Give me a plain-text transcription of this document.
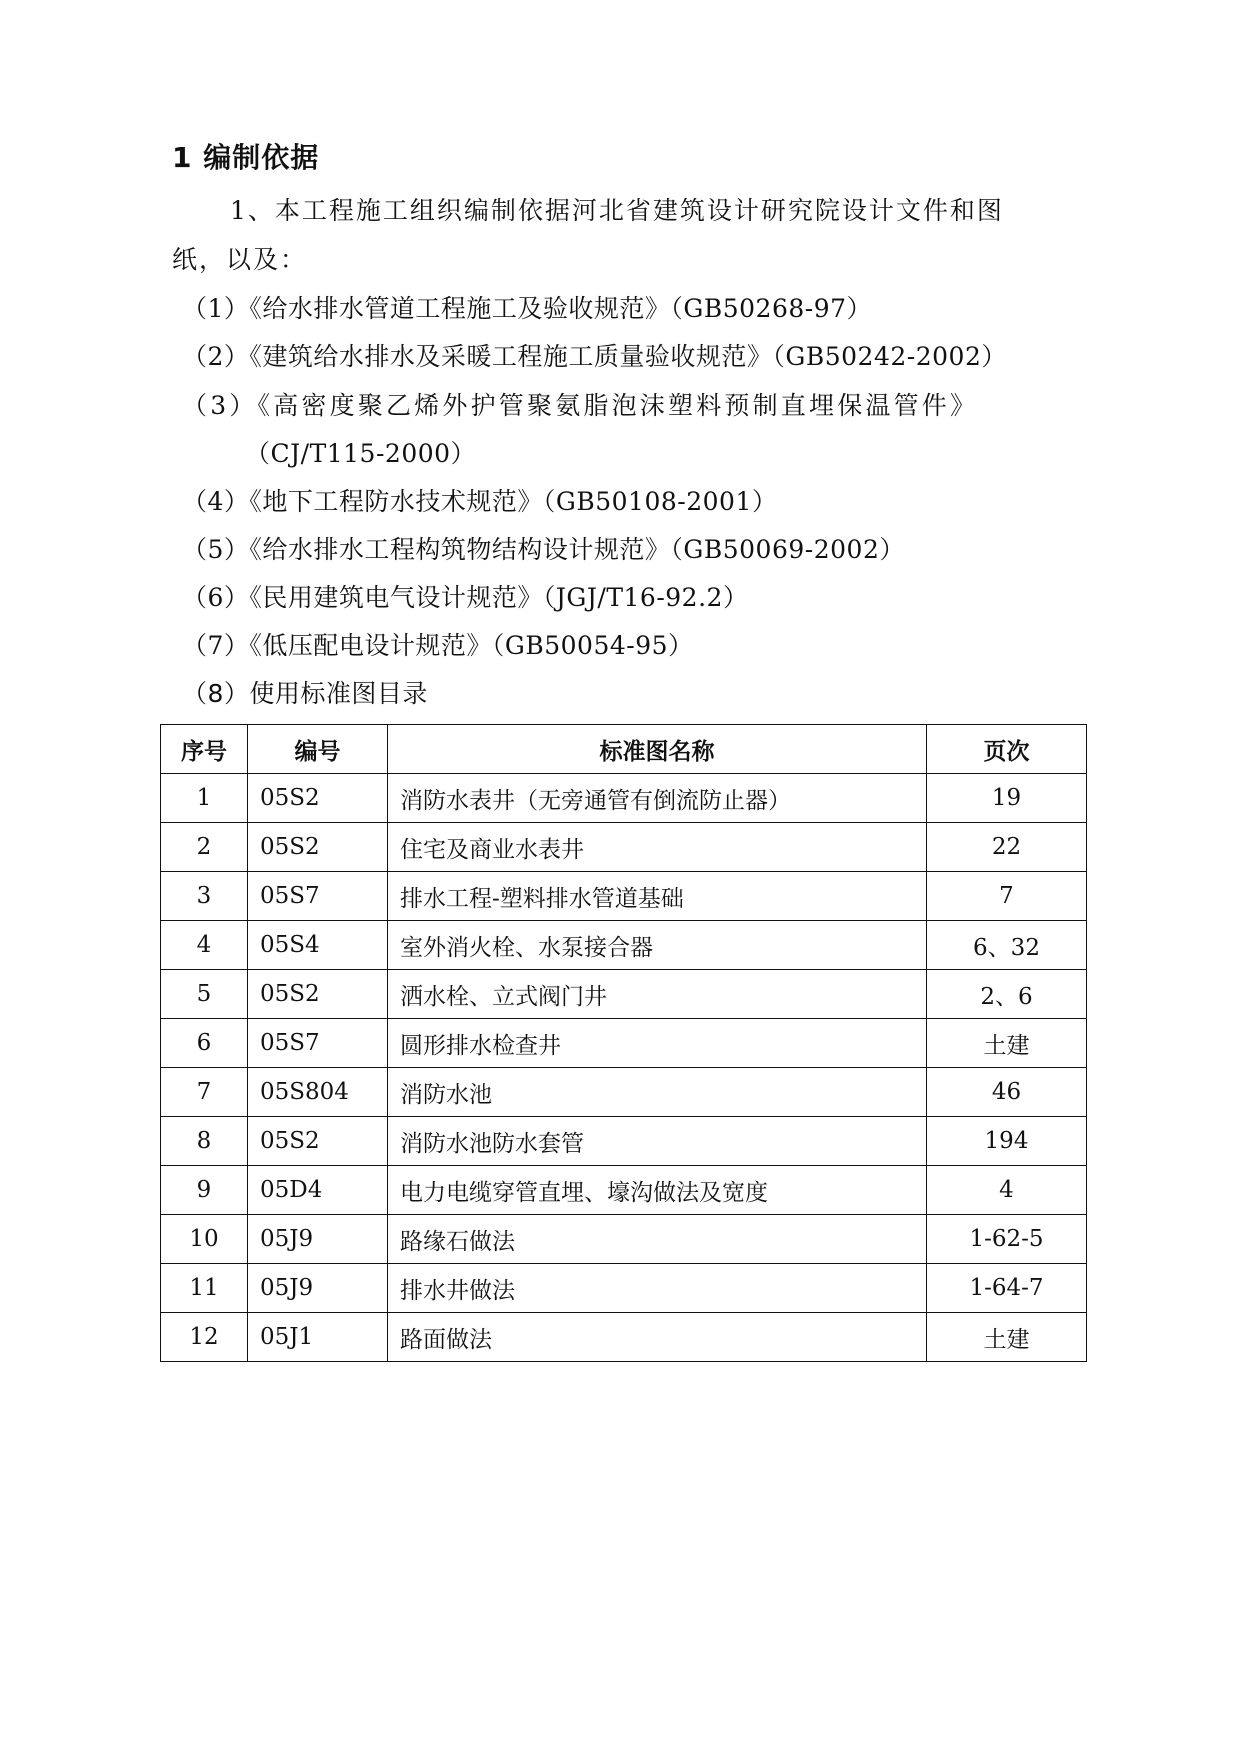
1 编制依据
1、本工程施工组织编制依据河北省建筑设计研究院设计文件和图
纸，以及：
（1）《给水排水管道工程施工及验收规范》（GB50268-97）
（2）《建筑给水排水及采暖工程施工质量验收规范》（GB50242-2002）
（3）《高密度聚乙烯外护管聚氨脂泡沫塑料预制直埋保温管件》
（CJ/T115-2000）
（4）《地下工程防水技术规范》（GB50108-2001）
（5）《给水排水工程构筑物结构设计规范》（GB50069-2002）
（6）《民用建筑电气设计规范》（JGJ/T16-92.2）
（7）《低压配电设计规范》（GB50054-95）
（8）使用标准图目录
序号	编号	标准图名称	页次
1	05S2	消防水表井（无旁通管有倒流防止器）	19
2	05S2	住宅及商业水表井	22
3	05S7	排水工程-塑料排水管道基础	7
4	05S4	室外消火栓、水泵接合器	6、32
5	05S2	洒水栓、立式阀门井	2、6
6	05S7	圆形排水检查井	土建
7	05S804	消防水池	46
8	05S2	消防水池防水套管	194
9	05D4	电力电缆穿管直埋、壕沟做法及宽度	4
10	05J9	路缘石做法	1-62-5
11	05J9	排水井做法	1-64-7
12	05J1	路面做法	土建
